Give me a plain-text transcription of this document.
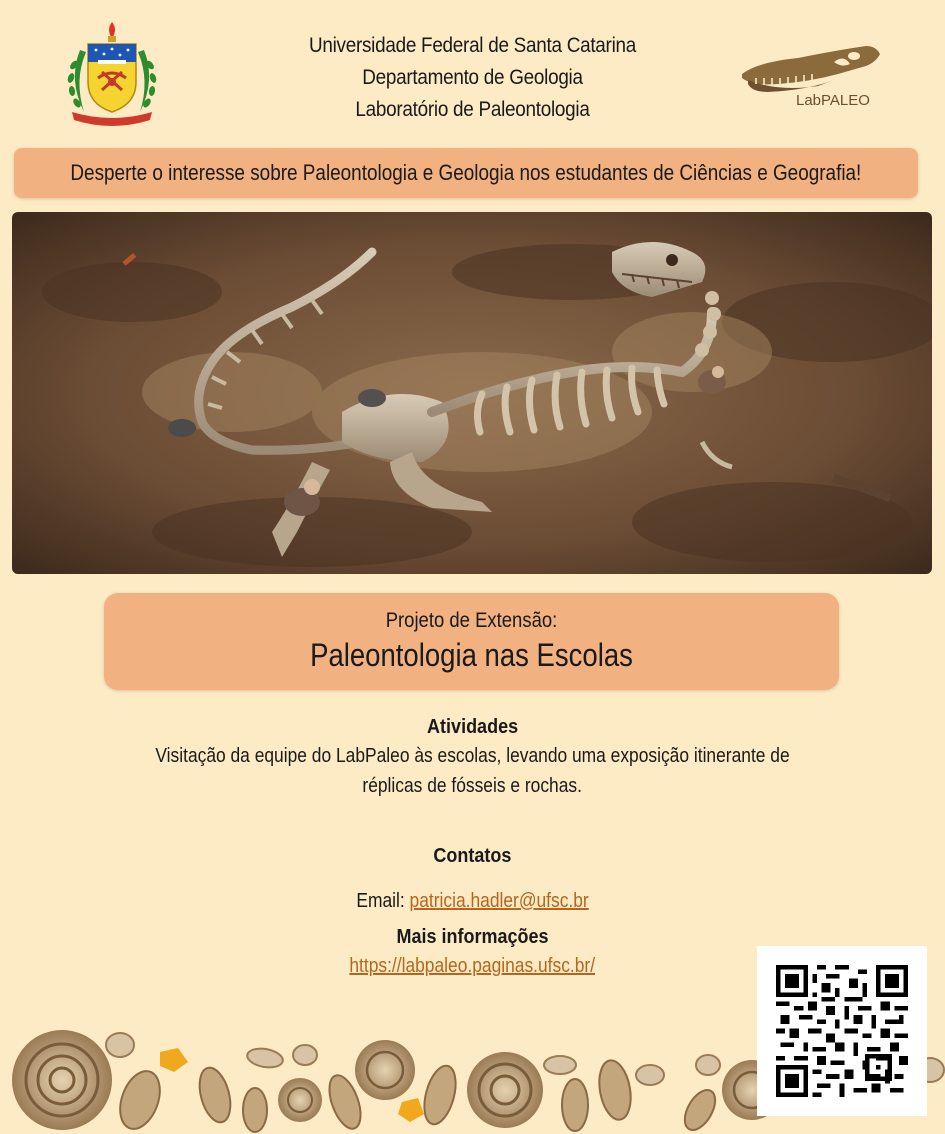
Universidade Federal de Santa Catarina
Departamento de Geologia
Laboratório de Paleontologia	LabPALEO
Desperte o interesse sobre Paleontologia e Geologia nos estudantes de Ciências e Geografia!
Projeto de Extensão:
Paleontologia nas Escolas
Atividades
Visitação da equipe do LabPaleo às escolas, levando uma exposição itinerante de
réplicas de fósseis e rochas.
Contatos
Email: patricia.hadler@ufsc.br
Mais informações
https://labpaleo.paginas.ufsc.br/
